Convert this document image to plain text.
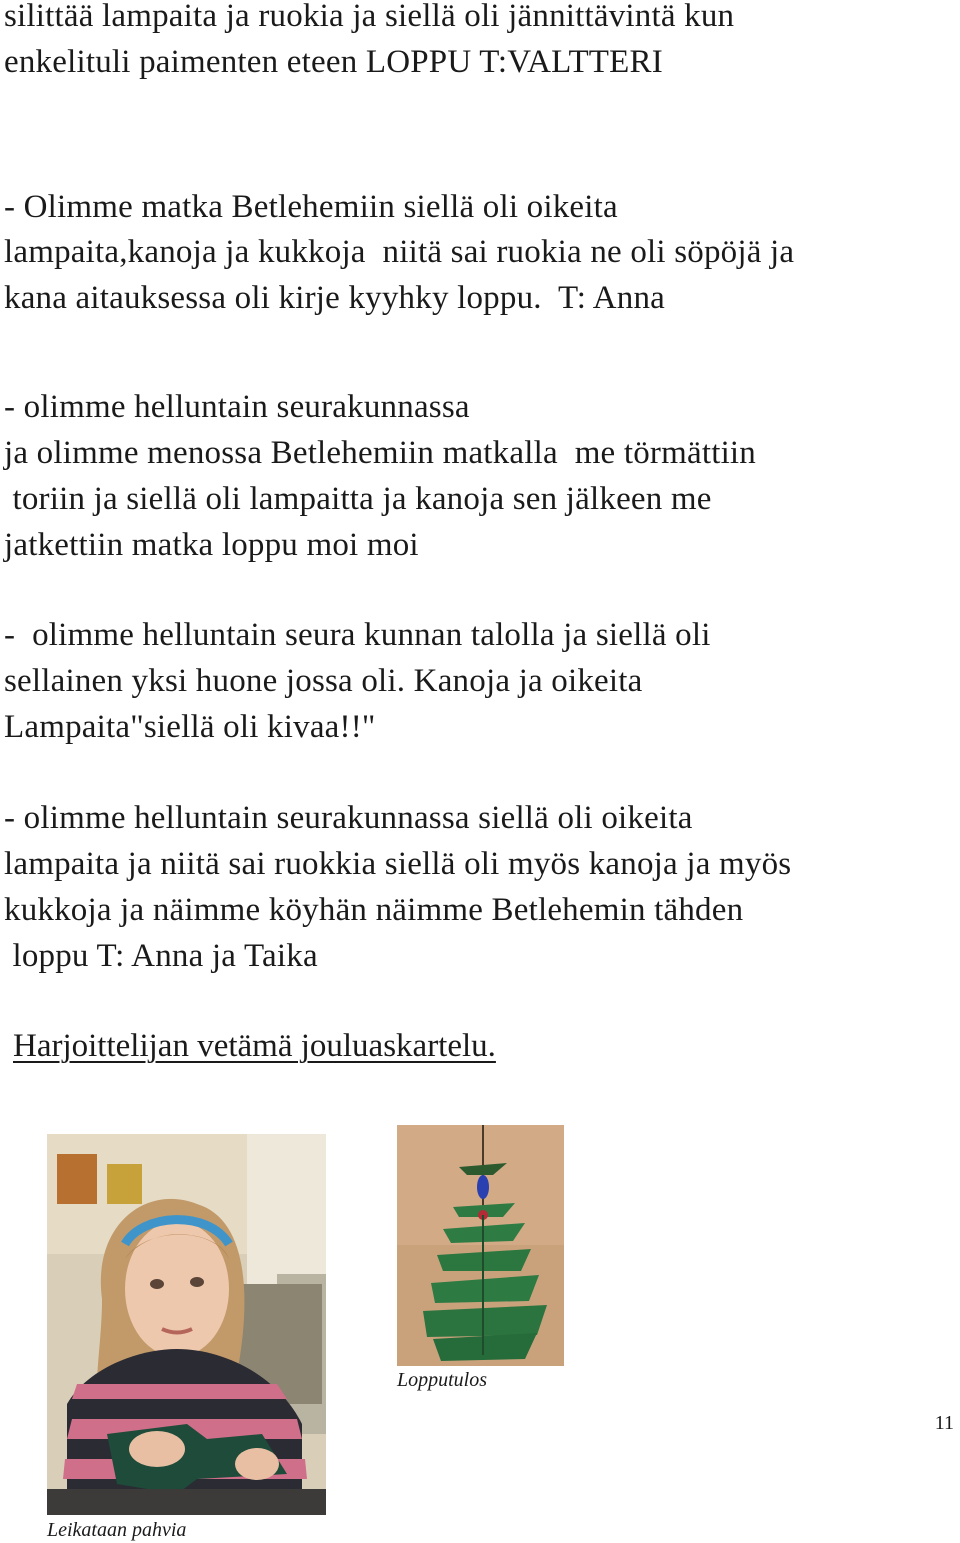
silittää lampaita ja ruokia ja siellä oli jännittävintä kun
enkelituli paimenten eteen LOPPU T:VALTTERI
- Olimme matka Betlehemiin siellä oli oikeita
lampaita,kanoja ja kukkoja  niitä sai ruokia ne oli söpöjä ja
kana aitauksessa oli kirje kyyhky loppu.  T: Anna
- olimme helluntain seurakunnassa
ja olimme menossa Betlehemiin matkalla  me törmättiin
toriin ja siellä oli lampaitta ja kanoja sen jälkeen me
jatkettiin matka loppu moi moi
-  olimme helluntain seura kunnan talolla ja siellä oli
sellainen yksi huone jossa oli. Kanoja ja oikeita
Lampaita"siellä oli kivaa!!"
- olimme helluntain seurakunnassa siellä oli oikeita
lampaita ja niitä sai ruokkia siellä oli myös kanoja ja myös
kukkoja ja näimme köyhän näimme Betlehemin tähden
loppu T: Anna ja Taika
Harjoittelijan vetämä jouluaskartelu.
Lopputulos
Leikataan pahvia
11
